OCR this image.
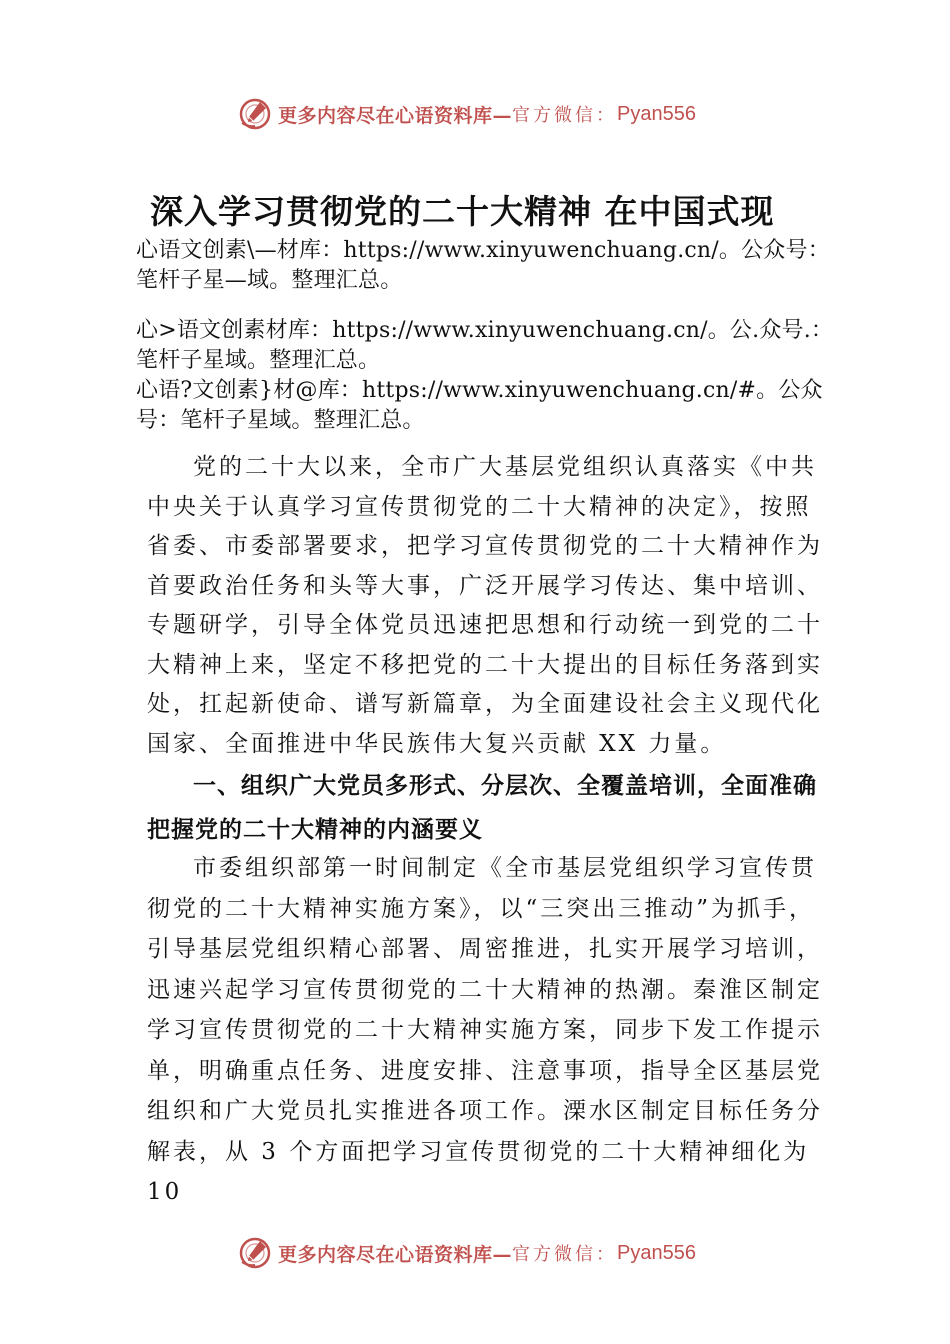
更多内容尽在心语资料库— 官方微信： Pyan556
深入学习贯彻党的二十大精神 在中国式现
心语文创素\—材库：https://www.xinyuwenchuang.cn/。公众号：笔杆子星—域。整理汇总。
心>语文创素材库：https://www.xinyuwenchuang.cn/。公.众号.：笔杆子星域。整理汇总。
心语?文创素}材@库：https://www.xinyuwenchuang.cn/#。公众号：笔杆子星域。整理汇总。
党的二十大以来，全市广大基层党组织认真落实《中共中央关于认真学习宣传贯彻党的二十大精神的决定》，按照省委、市委部署要求，把学习宣传贯彻党的二十大精神作为首要政治任务和头等大事，广泛开展学习传达、集中培训、 专题研学，引导全体党员迅速把思想和行动统一到党的二十大精神上来，坚定不移把党的二十大提出的目标任务落到实处，扛起新使命、谱写新篇章，为全面建设社会主义现代化国家、全面推进中华民族伟大复兴贡献 XX 力量。
一、组织广大党员多形式、分层次、全覆盖培训，全面准确把握党的二十大精神的内涵要义
市委组织部第一时间制定《全市基层党组织学习宣传贯彻党的二十大精神实施方案》，以“三突出三推动”为抓手，引导基层党组织精心部署、周密推进，扎实开展学习培训， 迅速兴起学习宣传贯彻党的二十大精神的热潮。秦淮区制定学习宣传贯彻党的二十大精神实施方案，同步下发工作提示单，明确重点任务、进度安排、注意事项，指导全区基层党组织和广大党员扎实推进各项工作。溧水区制定目标任务分解表，从 3 个方面把学习宣传贯彻党的二十大精神细化为 10
更多内容尽在心语资料库— 官方微信： Pyan556
